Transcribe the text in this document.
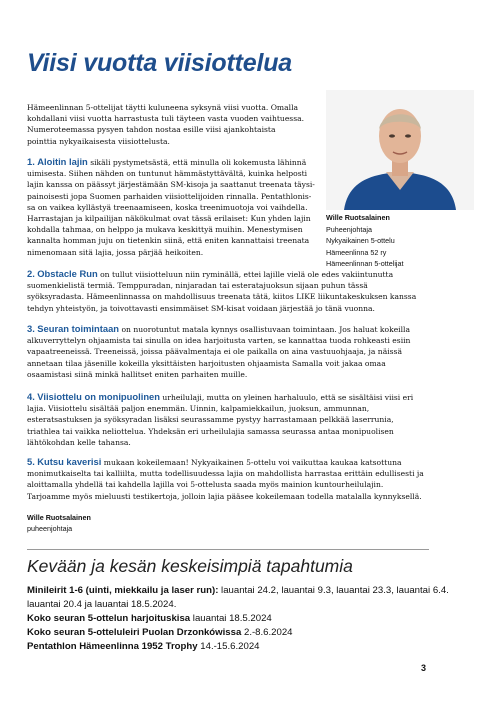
Viisi vuotta viisiottelua
Hämeenlinnan 5-ottelijat täytti kuluneena syksynä viisi vuotta. Omalla kohdallani viisi vuotta harrastusta tuli täyteen vasta vuoden vaihtuessa. Numeroteemassa pysyen tahdon nostaa esille viisi ajankohtaista pointtia nykyaikaisesta viisiottelusta.
Wille Ruotsalainen
Puheenjohtaja
Nykyaikainen 5-ottelu
Hämeenlinna 52 ry
Hämeenlinnan 5-ottelijat
1. Aloitin lajin sikäli pystymetsästä, että minulla oli kokemusta lähinnä uimisesta. Siihen nähden on tuntunut hämmästyttävältä, kuinka helposti lajin kanssa on päässyt järjestämään SM-kisoja ja saattanut treenata täysi-painoisesti jopa Suomen parhaiden viisiottelijoiden rinnalla. Pentathlonis-sa on vaikea kyllästyä treenaamiseen, koska treenimuotoja voi vaihdella. Harrastajan ja kilpailijan näkökulmat ovat tässä erilaiset: Kun yhden lajin kohdalla tahmaa, on helppo ja mukava keskittyä muihin. Menestymisen kannalta homman juju on tietenkin siinä, että eniten kannattaisi treenata nimenomaan sitä lajia, jossa pärjää heikoiten.
2. Obstacle Run on tullut viisiotteluun niin ryminällä, ettei lajille vielä ole edes vakiintunutta suomenkielistä termiä. Temppuradan, ninjaradan tai esteratajuoksun sijaan puhun tässä syöksyradasta. Hämeenlinnassa on mahdollisuus treenata tätä, kiitos LIKE liikuntakeskuksen kanssa tehdyn yhteistyön, ja toivottavasti ensimmäiset SM-kisat voidaan järjestää jo tänä vuonna.
3. Seuran toimintaan on nuorotuntut matala kynnys osallistuvaan toimintaan. Jos haluat kokeilla alkuverryttelyn ohjaamista tai sinulla on idea harjoitusta varten, se kannattaa tuoda rohkeasti esiin vapaatreeneissä. Treeneissä, joissa päävalmentaja ei ole paikalla on aina vastuuohjaaja, ja näissä annetaan tilaa jäsenille kokeilla yksittäisten harjoitusten ohjaamista Samalla voit jakaa omaa osaamistasi siinä minkä hallitset eniten parhaiten muille.
4. Viisiottelu on monipuolinen urheilulaji, mutta on yleinen harhaluulo, että se sisältäisi viisi eri lajia. Viisiottelu sisältää paljon enemmän. Uinnin, kalpamiekkailun, juoksun, ammunnan, esteratsastuksen ja syöksyradan lisäksi seurassamme pystyy harrastamaan pelkkää laserrunia, triathlea tai vaikka neliottelua. Yhdeksän eri urheilulajia samassa seurassa antaa monipuolisen lähtökohdan kelle tahansa.
5. Kutsu kaverisi mukaan kokeilemaan! Nykyaikainen 5-ottelu voi vaikuttaa kaukaa katsottuna monimutkaiselta tai kalliilta, mutta todellisuudessa lajia on mahdollista harrastaa erittäin edullisesti ja aloittamalla yhdellä tai kahdella lajilla voi 5-ottelusta saada myös mainion kuntourheilulajin. Tarjoamme myös mieluusti testikertoja, jolloin lajia pääsee kokeilemaan todella matalalla kynnyksellä.
Wille Ruotsalainen
puheenjohtaja
Kevään ja kesän keskeisimpiä tapahtumia
Minileirit 1-6 (uinti, miekkailu ja laser run): lauantai 24.2, lauantai 9.3, lauantai 23.3, lauantai 6.4. lauantai 20.4 ja lauantai 18.5.2024.
Koko seuran 5-ottelun harjoituskisa lauantai 18.5.2024
Koko seuran 5-otteluleiri Puolan Drzonkówissa 2.-8.6.2024
Pentathlon Hämeenlinna 1952 Trophy 14.-15.6.2024
3
